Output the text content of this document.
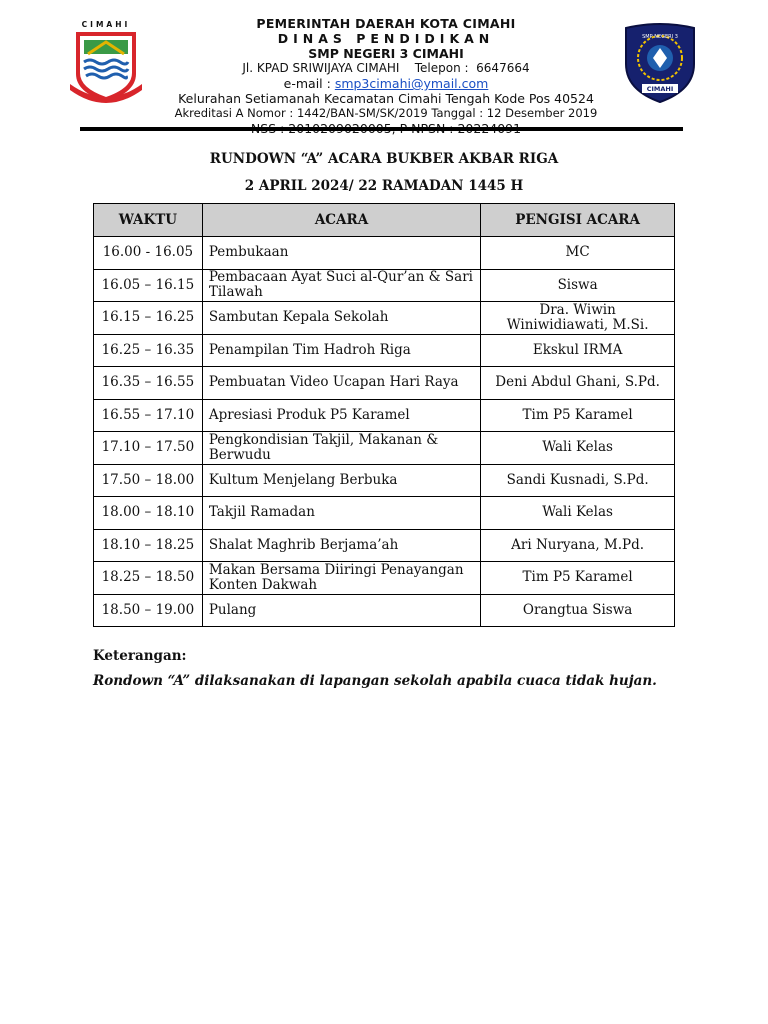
CIMAHI	PEMERINTAH DAERAH KOTA CIMAHI
DINAS PENDIDIKAN
SMP NEGERI 3 CIMAHI
Jl. KPAD SRIWIJAYA CIMAHI    Telepon :  6647664
e-mail : smp3cimahi@ymail.com
Kelurahan Setiamanah Kecamatan Cimahi Tengah Kode Pos 40524
Akreditasi A Nomor : 1442/BAN-SM/SK/2019 Tanggal : 12 Desember 2019
SMP NEGERI 3
CIMAHI
RUNDOWN “A” ACARA BUKBER AKBAR RIGA
2 APRIL 2024/ 22 RAMADAN 1445 H
WAKTU	ACARA	PENGISI ACARA
16.00 - 16.05	Pembukaan	MC
16.05 – 16.15	Pembacaan Ayat Suci al-Qur’an & Sari Tilawah	Siswa
16.15 – 16.25	Sambutan Kepala Sekolah	Dra. Wiwin Winiwidiawati, M.Si.
16.25 – 16.35	Penampilan Tim Hadroh Riga	Ekskul IRMA
16.35 – 16.55	Pembuatan Video Ucapan Hari Raya	Deni Abdul Ghani, S.Pd.
16.55 – 17.10	Apresiasi Produk P5 Karamel	Tim P5 Karamel
17.10 – 17.50	Pengkondisian Takjil, Makanan & Berwudu	Wali Kelas
17.50 – 18.00	Kultum Menjelang Berbuka	Sandi Kusnadi, S.Pd.
18.00 – 18.10	Takjil Ramadan	Wali Kelas
18.10 – 18.25	Shalat Maghrib Berjama’ah	Ari Nuryana, M.Pd.
18.25 – 18.50	Makan Bersama Diiringi Penayangan Konten Dakwah	Tim P5 Karamel
18.50 – 19.00	Pulang	Orangtua Siswa
Keterangan:
Rondown “A” dilaksanakan di lapangan sekolah apabila cuaca tidak hujan.
